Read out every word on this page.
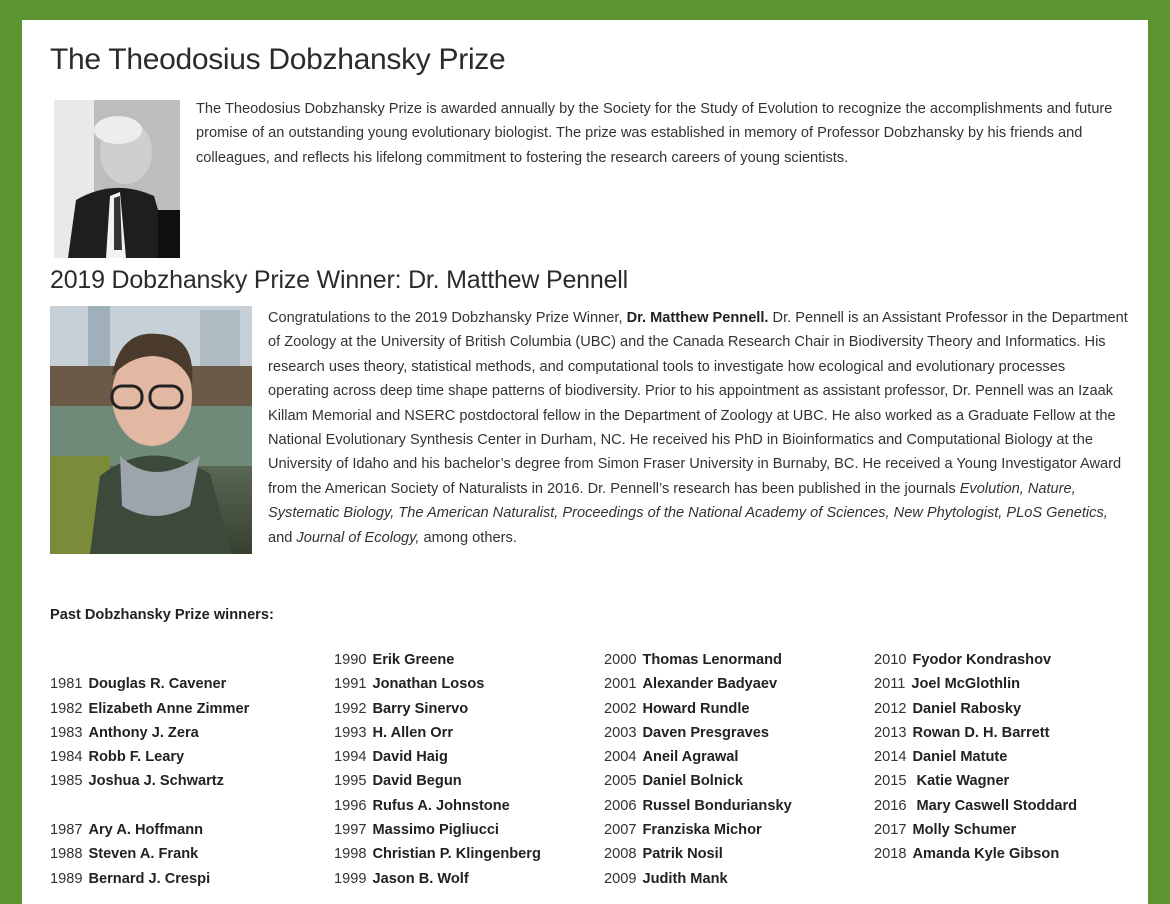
The Theodosius Dobzhansky Prize

The Theodosius Dobzhansky Prize is awarded annually by the Society for the Study of Evolution to recognize the accomplishments and future promise of an outstanding young evolutionary biologist. The prize was established in memory of Professor Dobzhansky by his friends and colleagues, and reflects his lifelong commitment to fostering the research careers of young scientists.

2019 Dobzhansky Prize Winner: Dr. Matthew Pennell

Congratulations to the 2019 Dobzhansky Prize Winner, Dr. Matthew Pennell. Dr. Pennell is an Assistant Professor in the Department of Zoology at the University of British Columbia (UBC) and the Canada Research Chair in Biodiversity Theory and Informatics. His research uses theory, statistical methods, and computational tools to investigate how ecological and evolutionary processes operating across deep time shape patterns of biodiversity. Prior to his appointment as assistant professor, Dr. Pennell was an Izaak Killam Memorial and NSERC postdoctoral fellow in the Department of Zoology at UBC. He also worked as a Graduate Fellow at the National Evolutionary Synthesis Center in Durham, NC. He received his PhD in Bioinformatics and Computational Biology at the University of Idaho and his bachelor’s degree from Simon Fraser University in Burnaby, BC. He received a Young Investigator Award from the American Society of Naturalists in 2016. Dr. Pennell’s research has been published in the journals Evolution, Nature, Systematic Biology, The American Naturalist, Proceedings of the National Academy of Sciences, New Phytologist, PLoS Genetics, and Journal of Ecology, among others.

Past Dobzhansky Prize winners:

1981 Douglas R. Cavener
1982 Elizabeth Anne Zimmer
1983 Anthony J. Zera
1984 Robb F. Leary
1985 Joshua J. Schwartz
1987 Ary A. Hoffmann
1988 Steven A. Frank
1989 Bernard J. Crespi
1990 Erik Greene
1991 Jonathan Losos
1992 Barry Sinervo
1993 H. Allen Orr
1994 David Haig
1995 David Begun
1996 Rufus A. Johnstone
1997 Massimo Pigliucci
1998 Christian P. Klingenberg
1999 Jason B. Wolf
2000 Thomas Lenormand
2001 Alexander Badyaev
2002 Howard Rundle
2003 Daven Presgraves
2004 Aneil Agrawal
2005 Daniel Bolnick
2006 Russel Bonduriansky
2007 Franziska Michor
2008 Patrik Nosil
2009 Judith Mank
2010 Fyodor Kondrashov
2011 Joel McGlothlin
2012 Daniel Rabosky
2013 Rowan D. H. Barrett
2014 Daniel Matute
2015 Katie Wagner
2016 Mary Caswell Stoddard
2017 Molly Schumer
2018 Amanda Kyle Gibson
